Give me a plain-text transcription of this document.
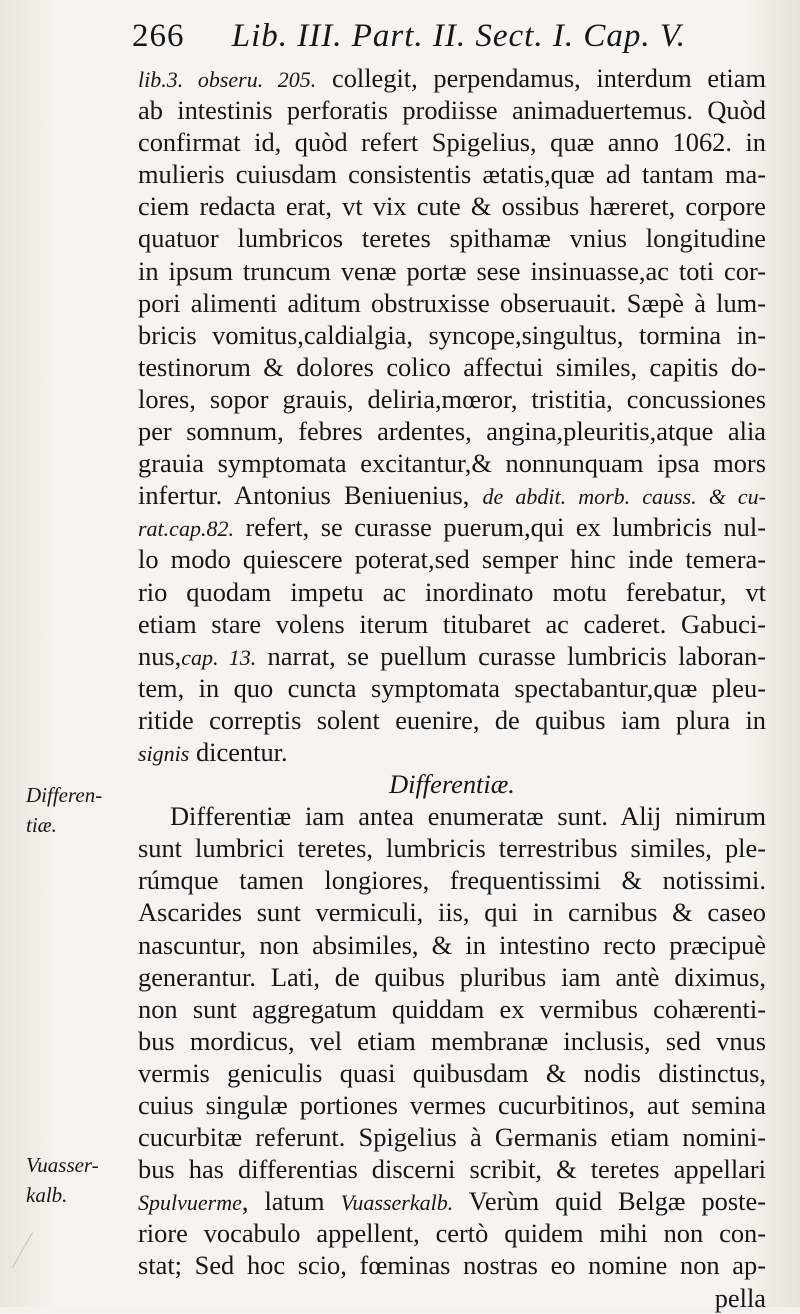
266 Lib. III. Part. II. Sect. I. Cap. V.
lib.3. obseru. 205. collegit, perpendamus, interdum etiam
ab intestinis perforatis prodiisse animaduertemus. Quòd
confirmat id, quòd refert Spigelius, quæ anno 1062. in
mulieris cuiusdam consistentis ætatis,quæ ad tantam ma-
ciem redacta erat, vt vix cute & ossibus hæreret, corpore
quatuor lumbricos teretes spithamæ vnius longitudine
in ipsum truncum venæ portæ sese insinuasse,ac toti cor-
pori alimenti aditum obstruxisse obseruauit. Sæpè à lum-
bricis vomitus,caldialgia, syncope,singultus, tormina in-
testinorum & dolores colico affectui similes, capitis do-
lores, sopor grauis, deliria,mœror, tristitia, concussiones
per somnum, febres ardentes, angina,pleuritis,atque alia
grauia symptomata excitantur,& nonnunquam ipsa mors
infertur. Antonius Beniuenius, de abdit. morb. causs. & cu-
rat.cap.82. refert, se curasse puerum,qui ex lumbricis nul-
lo modo quiescere poterat,sed semper hinc inde temera-
rio quodam impetu ac inordinato motu ferebatur, vt
etiam stare volens iterum titubaret ac caderet. Gabuci-
nus,cap. 13. narrat, se puellum curasse lumbricis laboran-
tem, in quo cuncta symptomata spectabantur,quæ pleu-
ritide correptis solent euenire, de quibus iam plura in
signis dicentur.
Differentiæ.
Differentiæ iam antea enumeratæ sunt. Alij nimirum
sunt lumbrici teretes, lumbricis terrestribus similes, ple-
rúmque tamen longiores, frequentissimi & notissimi.
Ascarides sunt vermiculi, iis, qui in carnibus & caseo
nascuntur, non absimiles, & in intestino recto præcipuè
generantur. Lati, de quibus pluribus iam antè diximus,
non sunt aggregatum quiddam ex vermibus cohærenti-
bus mordicus, vel etiam membranæ inclusis, sed vnus
vermis geniculis quasi quibusdam & nodis distinctus,
cuius singulæ portiones vermes cucurbitinos, aut semina
cucurbitæ referunt. Spigelius à Germanis etiam nomini-
bus has differentias discerni scribit, & teretes appellari
Spulvuerme, latum Vuasserkalb. Verùm quid Belgæ poste-
riore vocabulo appellent, certò quidem mihi non con-
stat; Sed hoc scio, fœminas nostras eo nomine non ap-
pella
Differen-
tiæ.
Vuasser-
kalb.
